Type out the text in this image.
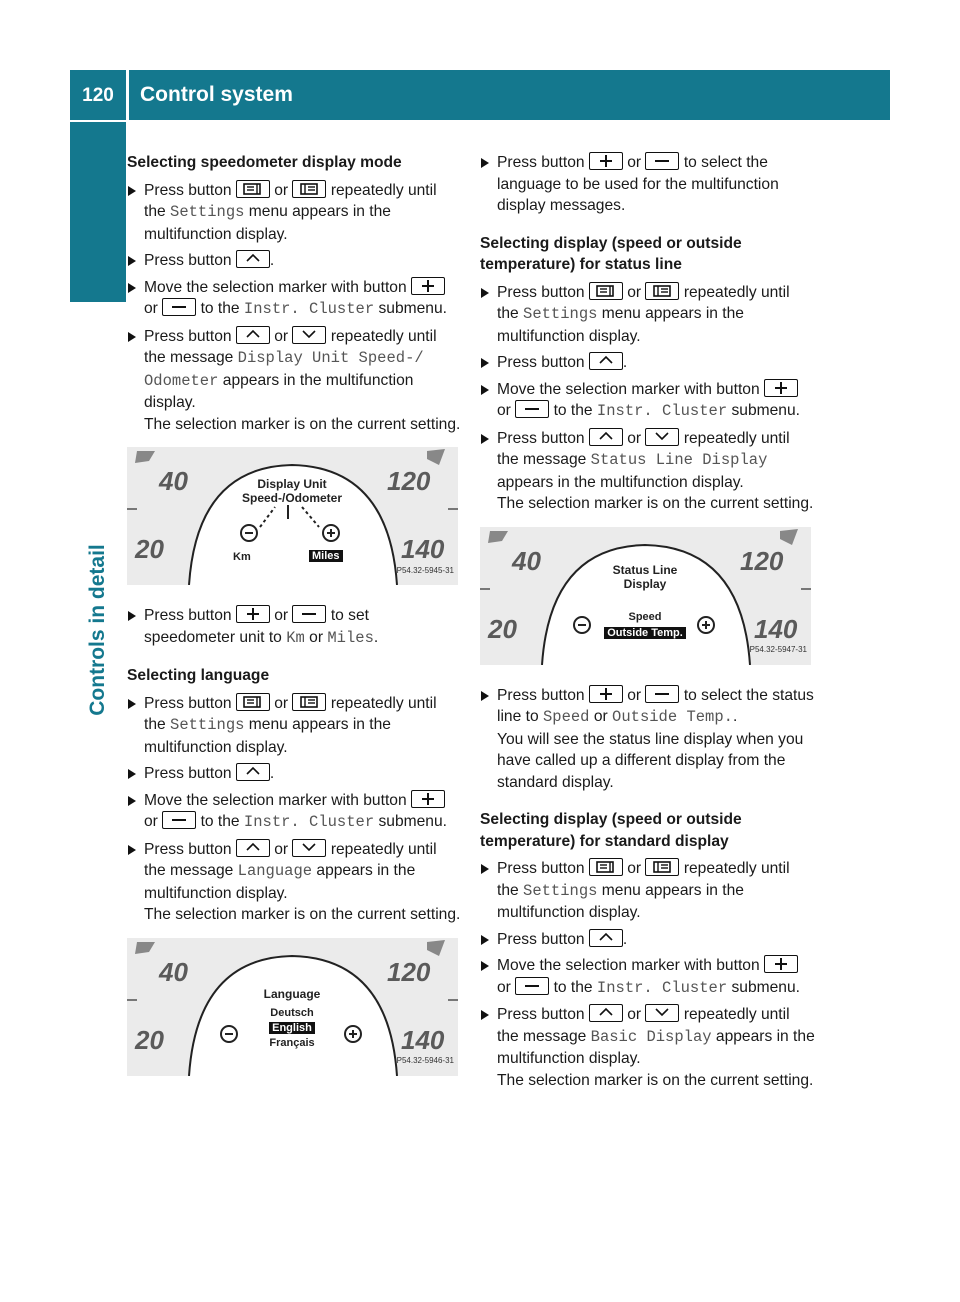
120	Control system
Controls in detail

Selecting speedometer display mode

Press button	or	repeatedly until the Settings menu appears in the multifunction display.

Press button .

Move the selection marker with button
or	to the Instr. Cluster submenu.

Press button	or	repeatedly until the message Display Unit Speed-/ Odometer appears in the multifunction display.
The selection marker is on the current setting.

40
20
120
140
Display Unit
Speed-/Odometer
Km	Miles
P54.32-5945-31

Press button	or	to set speedometer unit to Km or Miles.

Selecting language

Press button	or	repeatedly until the Settings menu appears in the multifunction display.

Press button .

Move the selection marker with button
or	to the Instr. Cluster submenu.

Press button	or	repeatedly until the message Language appears in the multifunction display.
The selection marker is on the current setting.

40
20
120
140
Language
Deutsch
English
Français
P54.32-5946-31

Press button	or	to select the language to be used for the multifunction display messages.

Selecting display (speed or outside temperature) for status line

Press button	or	repeatedly until the Settings menu appears in the multifunction display.

Press button .

Move the selection marker with button
or	to the Instr. Cluster submenu.

Press button	or	repeatedly until the message Status Line Display appears in the multifunction display.
The selection marker is on the current setting.

40
20
120
140
Status Line
Display
Speed
Outside Temp.
P54.32-5947-31

Press button	or	to select the status line to Speed or Outside Temp..
You will see the status line display when you have called up a different display from the standard display.

Selecting display (speed or outside temperature) for standard display

Press button	or	repeatedly until the Settings menu appears in the multifunction display.

Press button .

Move the selection marker with button
or	to the Instr. Cluster submenu.

Press button	or	repeatedly until the message Basic Display appears in the multifunction display.
The selection marker is on the current setting.
